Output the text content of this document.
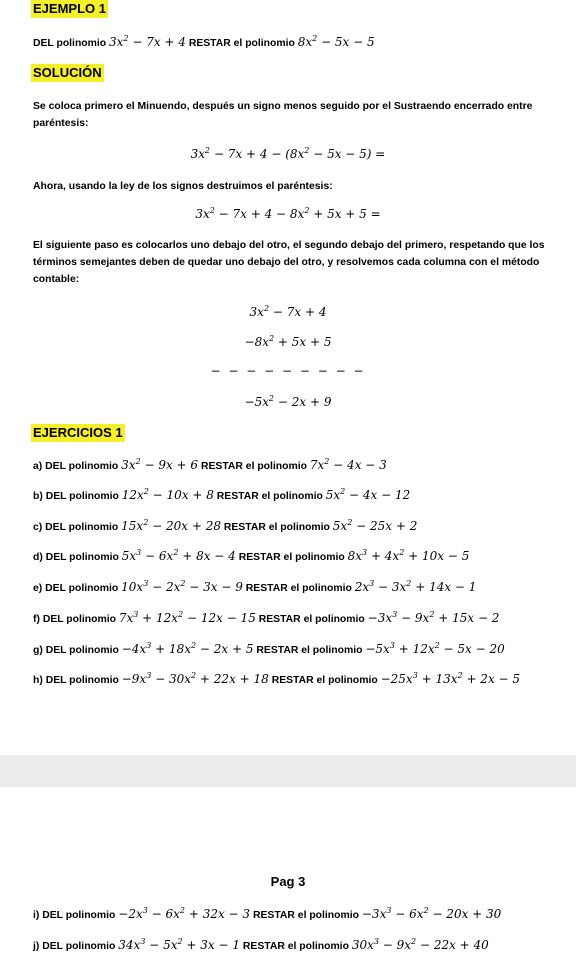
EJEMPLO 1
DEL polinomio $3x^2 - 7x + 4$ RESTAR el polinomio $8x^2 - 5x - 5$
SOLUCIÓN
Se coloca primero el Minuendo, después un signo menos seguido por el Sustraendo encerrado entre paréntesis:
$3x^2 - 7x + 4 - (8x^2 - 5x - 5)$ =
Ahora, usando la ley de los signos destruimos el paréntesis:
$3x^2 - 7x + 4 - 8x^2 + 5x + 5$ =
El siguiente paso es colocarlos uno debajo del otro, el segundo debajo del primero, respetando que los términos semejantes deben de quedar uno debajo del otro, y resolvemos cada columna con el método contable:
$3x^2 - 7x + 4$
$-8x^2 + 5x + 5$
− − − − − − − − −
$-5x^2 - 2x + 9$
EJERCICIOS 1
a) DEL polinomio $3x^2 - 9x + 6$ RESTAR el polinomio $7x^2 - 4x - 3$
b) DEL polinomio $12x^2 - 10x + 8$ RESTAR el polinomio $5x^2 - 4x - 12$
c) DEL polinomio $15x^2 - 20x + 28$ RESTAR el polinomio $5x^2 - 25x + 2$
d) DEL polinomio $5x^3 - 6x^2 + 8x - 4$ RESTAR el polinomio $8x^3 + 4x^2 + 10x - 5$
e) DEL polinomio $10x^3 - 2x^2 - 3x - 9$ RESTAR el polinomio $2x^3 - 3x^2 + 14x - 1$
f) DEL polinomio $7x^3 + 12x^2 - 12x - 15$ RESTAR el polinomio $-3x^3 - 9x^2 + 15x - 2$
g) DEL polinomio $-4x^3 + 18x^2 - 2x + 5$ RESTAR el polinomio $-5x^3 + 12x^2 - 5x - 20$
h) DEL polinomio $-9x^3 - 30x^2 + 22x + 18$ RESTAR el polinomio $-25x^3 + 13x^2 + 2x - 5$
Pag 3
i) DEL polinomio $-2x^3 - 6x^2 + 32x - 3$ RESTAR el polinomio $-3x^3 - 6x^2 - 20x + 30$
j) DEL polinomio $34x^3 - 5x^2 + 3x - 1$ RESTAR el polinomio $30x^3 - 9x^2 - 22x + 40$
